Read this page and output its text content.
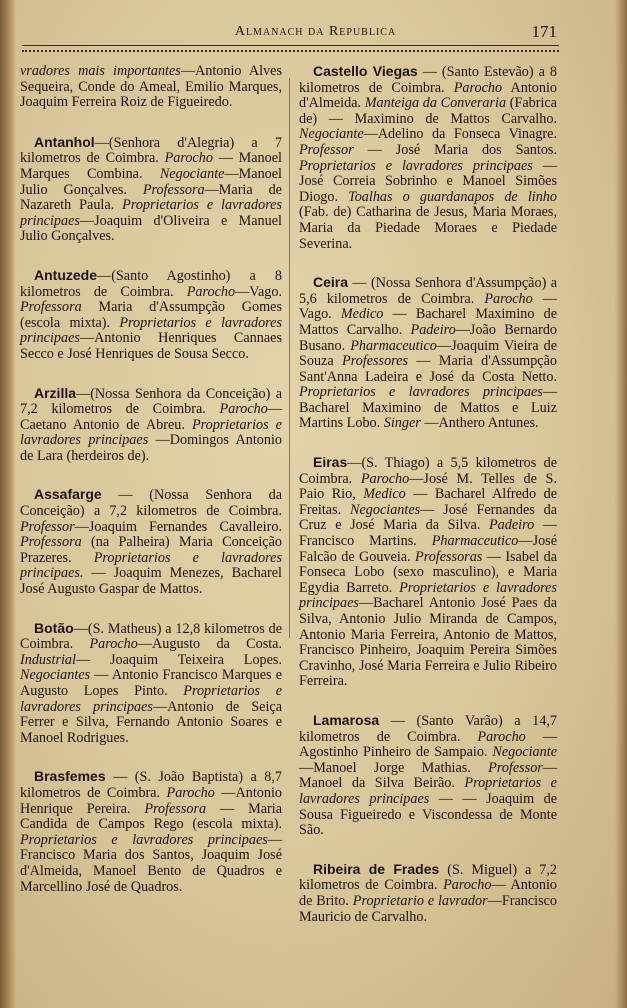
Almanach da Republica	171

vradores mais importantes—Antonio Alves Sequeira, Conde do Ameal, Emilio Marques, Joaquim Ferreira Roiz de Figueiredo.

Antanhol—(Senhora d'Alegria) a 7 kilometros de Coimbra. Parocho — Manoel Marques Combina. Negociante—Manoel Julio Gonçalves. Professora—Maria de Nazareth Paula. Proprietarios e lavradores principaes—Joaquim d'Oliveira e Manuel Julio Gonçalves.

Antuzede—(Santo Agostinho) a 8 kilometros de Coimbra. Parocho—Vago. Professora Maria d'Assumpção Gomes (escola mixta). Proprietarios e lavradores principaes—Antonio Henriques Cannaes Secco e José Henriques de Sousa Secco.

Arzilla—(Nossa Senhora da Conceição) a 7,2 kilometros de Coimbra. Parocho—Caetano Antonio de Abreu. Proprietarios e lavradores principaes —Domingos Antonio de Lara (herdeiros de).

Assafarge — (Nossa Senhora da Conceição) a 7,2 kilometros de Coimbra. Professor—Joaquim Fernandes Cavalleiro. Professora (na Palheira) Maria Conceição Prazeres. Proprietarios e lavradores principaes. — Joaquim Menezes, Bacharel José Augusto Gaspar de Mattos.

Botão—(S. Matheus) a 12,8 kilometros de Coimbra. Parocho—Augusto da Costa. Industrial— Joaquim Teixeira Lopes. Negociantes — Antonio Francisco Marques e Augusto Lopes Pinto. Proprietarios e lavradores principaes—Antonio de Seiça Ferrer e Silva, Fernando Antonio Soares e Manoel Rodrigues.

Brasfemes — (S. João Baptista) a 8,7 kilometros de Coimbra. Parocho —Antonio Henrique Pereira. Professora — Maria Candida de Campos Rego (escola mixta). Proprietarios e lavradores principaes—Francisco Maria dos Santos, Joaquim José d'Almeida, Manoel Bento de Quadros e Marcellino José de Quadros.

Castello Viegas — (Santo Estevão) a 8 kilometros de Coimbra. Parocho Antonio d'Almeida. Manteiga da Converaria (Fabrica de) — Maximino de Mattos Carvalho. Negociante—Adelino da Fonseca Vinagre. Professor — José Maria dos Santos. Proprietarios e lavradores principaes — José Correia Sobrinho e Manoel Simões Diogo. Toalhas o guardanapos de linho (Fab. de) Catharina de Jesus, Maria Moraes, Maria da Piedade Moraes e Piedade Severina.

Ceira — (Nossa Senhora d'Assumpção) a 5,6 kilometros de Coimbra. Parocho — Vago. Medico — Bacharel Maximino de Mattos Carvalho. Padeiro—João Bernardo Busano. Pharmaceutico—Joaquim Vieira de Souza Professores — Maria d'Assumpção Sant'Anna Ladeira e José da Costa Netto. Proprietarios e lavradores principaes— Bacharel Maximino de Mattos e Luiz Martins Lobo. Singer —Anthero Antunes.

Eiras—(S. Thiago) a 5,5 kilometros de Coimbra. Parocho—José M. Telles de S. Paio Rio, Medico — Bacharel Alfredo de Freitas. Negociantes— José Fernandes da Cruz e José Maria da Silva. Padeiro — Francisco Martins. Pharmaceutico—José Falcão de Gouveia. Professoras — Isabel da Fonseca Lobo (sexo masculino), e Maria Egydia Barreto. Proprietarios e lavradores principaes—Bacharel Antonio José Paes da Silva, Antonio Julio Miranda de Campos, Antonio Maria Ferreira, Antonio de Mattos, Francisco Pinheiro, Joaquim Pereira Simões Cravinho, José Maria Ferreira e Julio Ribeiro Ferreira.

Lamarosa — (Santo Varão) a 14,7 kilometros de Coimbra. Parocho — Agostinho Pinheiro de Sampaio. Negociante—Manoel Jorge Mathias. Professor—Manoel da Silva Beirão. Proprietarios e lavradores principaes — — Joaquim de Sousa Figueiredo e Viscondessa de Monte São.

Ribeira de Frades (S. Miguel) a 7,2 kilometros de Coimbra. Parocho— Antonio de Brito. Proprietario e lavrador—Francisco Mauricio de Carvalho.
